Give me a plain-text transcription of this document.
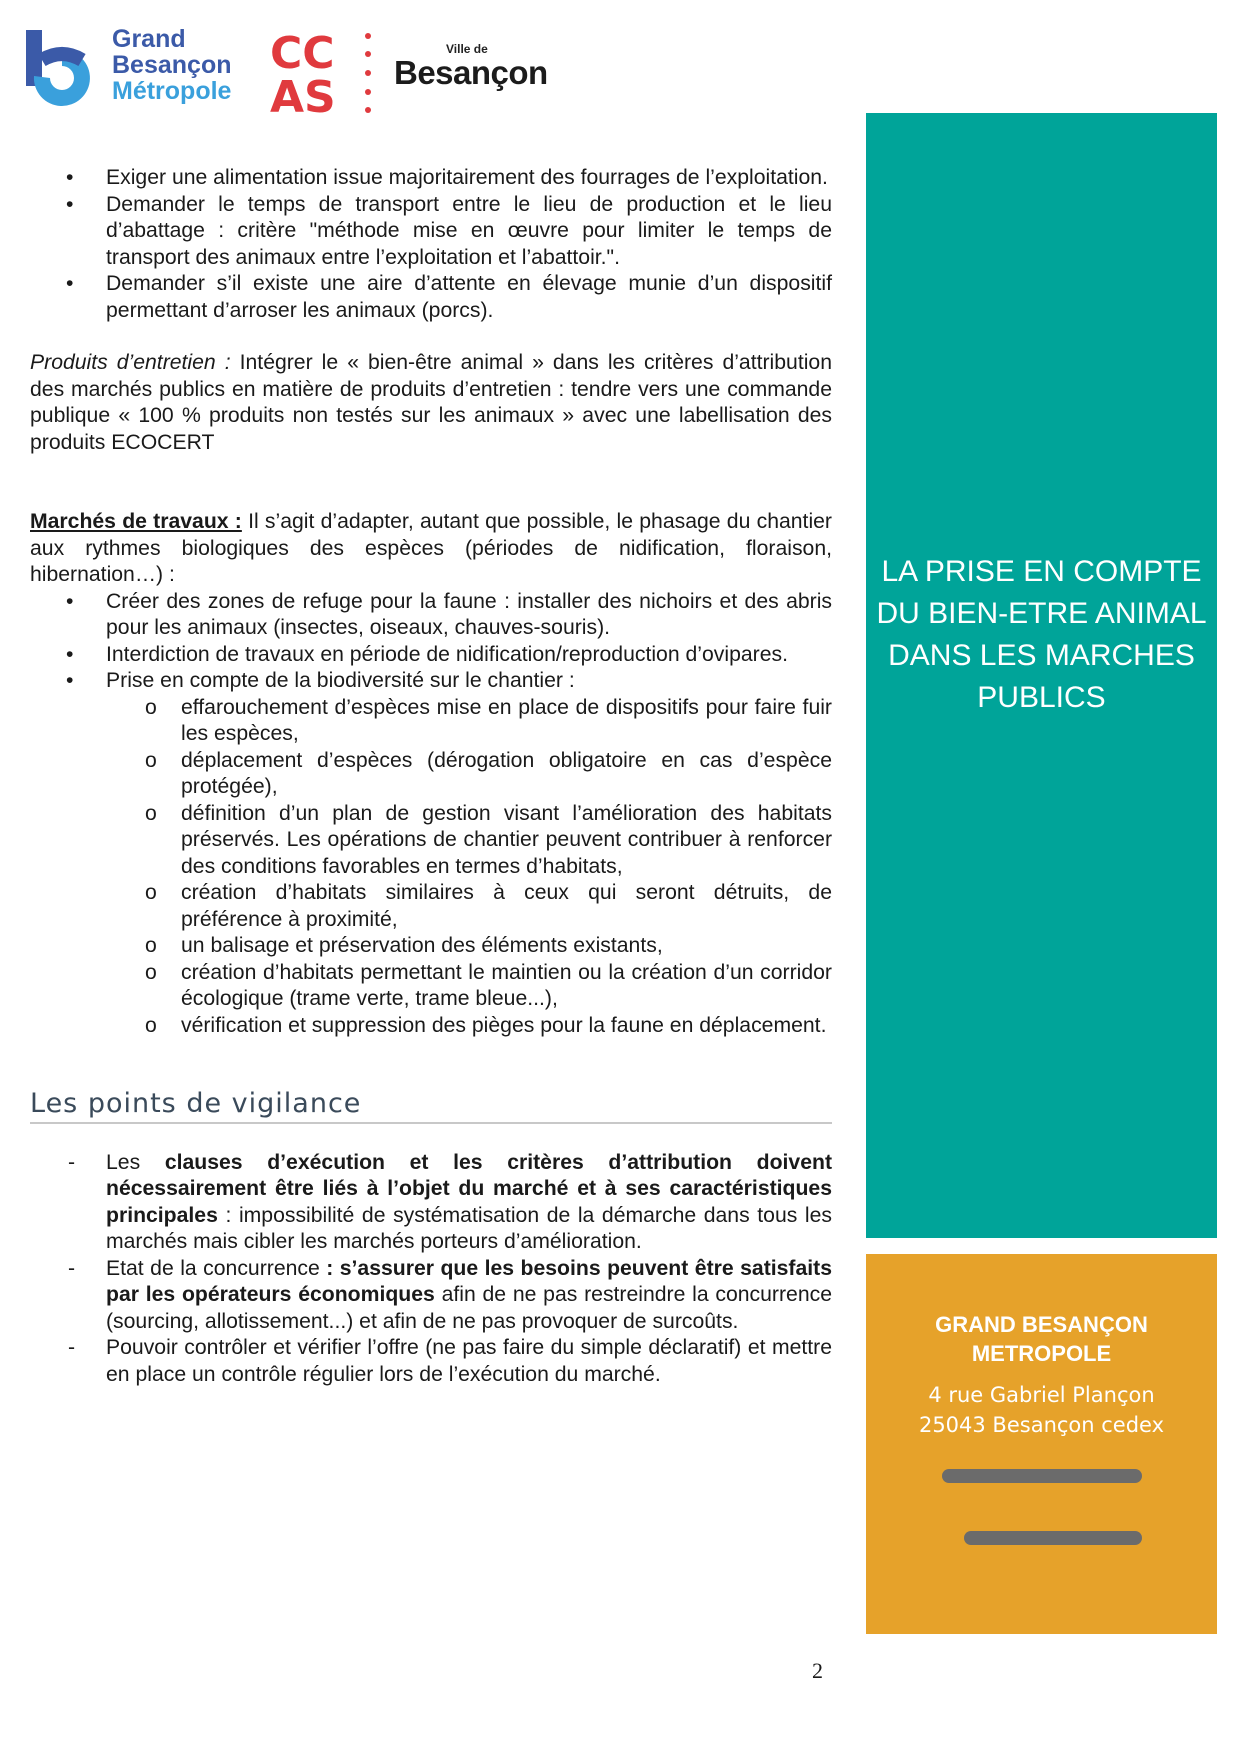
Grand
Besançon
Métropole
CC
AS
Ville de
Besançon
LA PRISE EN COMPTE DU BIEN-ETRE ANIMAL DANS LES MARCHES PUBLICS
GRAND BESANÇON
METROPOLE
4 rue Gabriel Plançon
25043 Besançon cedex
• Exiger une alimentation issue majoritairement des fourrages de l’exploitation.
• Demander le temps de transport entre le lieu de production et le lieu d’abattage : critère "méthode mise en œuvre pour limiter le temps de transport des animaux entre l’exploitation et l’abattoir.".
• Demander s’il existe une aire d’attente en élevage munie d’un dispositif permettant d’arroser les animaux (porcs).

Produits d’entretien : Intégrer le « bien-être animal » dans les critères d’attribution des marchés publics en matière de produits d’entretien : tendre vers une commande publique « 100 % produits non testés sur les animaux » avec une labellisation des produits ECOCERT

Marchés de travaux : Il s’agit d’adapter, autant que possible, le phasage du chantier aux rythmes biologiques des espèces (périodes de nidification, floraison, hibernation…) :

• Créer des zones de refuge pour la faune : installer des nichoirs et des abris pour les animaux (insectes, oiseaux, chauves-souris).
• Interdiction de travaux en période de nidification/reproduction d’ovipares.
• Prise en compte de la biodiversité sur le chantier :
o effarouchement d’espèces mise en place de dispositifs pour faire fuir les espèces,
o déplacement d’espèces (dérogation obligatoire en cas d’espèce protégée),
o définition d’un plan de gestion visant l’amélioration des habitats préservés. Les opérations de chantier peuvent contribuer à renforcer des conditions favorables en termes d’habitats,
o création d’habitats similaires à ceux qui seront détruits, de préférence à proximité,
o un balisage et préservation des éléments existants,
o création d’habitats permettant le maintien ou la création d’un corridor écologique (trame verte, trame bleue...),
o vérification et suppression des pièges pour la faune en déplacement.
Les points de vigilance
- Les clauses d’exécution et les critères d’attribution doivent nécessairement être liés à l’objet du marché et à ses caractéristiques principales : impossibilité de systématisation de la démarche dans tous les marchés mais cibler les marchés porteurs d’amélioration.
- Etat de la concurrence : s’assurer que les besoins peuvent être satisfaits par les opérateurs économiques afin de ne pas restreindre la concurrence (sourcing, allotissement...) et afin de ne pas provoquer de surcoûts.
- Pouvoir contrôler et vérifier l’offre (ne pas faire du simple déclaratif) et mettre en place un contrôle régulier lors de l’exécution du marché.
2
